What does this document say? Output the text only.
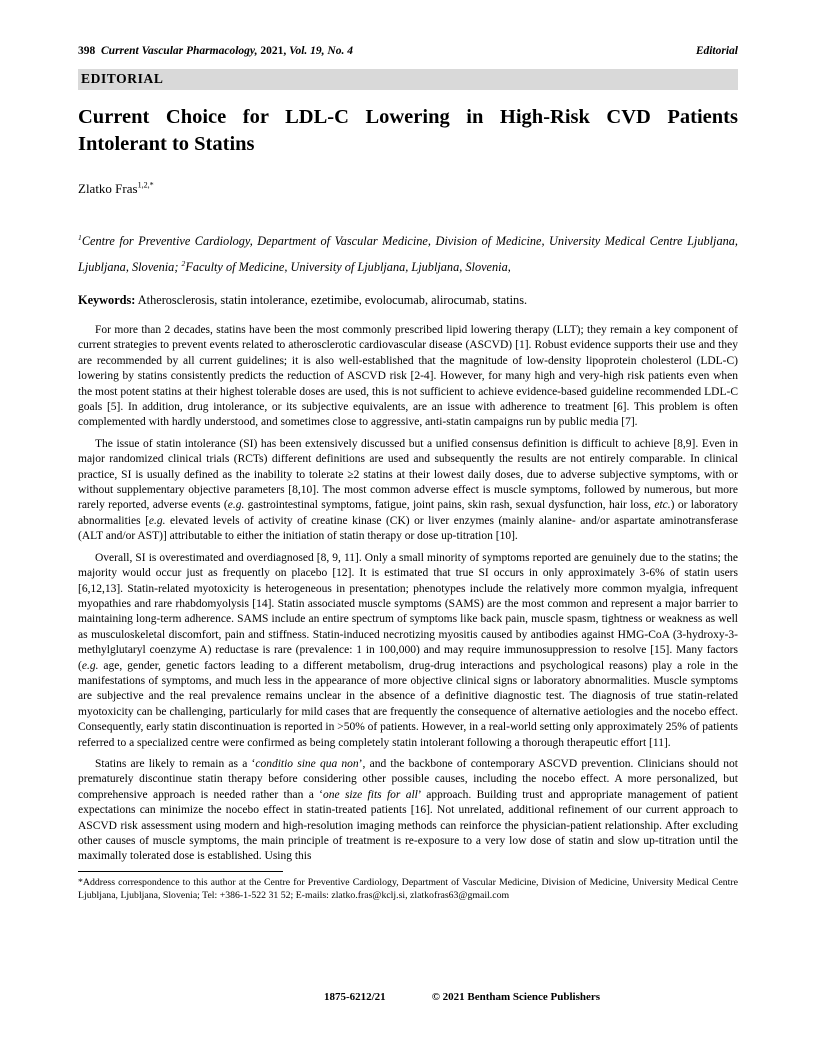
398 Current Vascular Pharmacology, 2021, Vol. 19, No. 4	Editorial
EDITORIAL
Current Choice for LDL-C Lowering in High-Risk CVD Patients Intolerant to Statins

Zlatko Fras$^{1,2,*}$

$^1$Centre for Preventive Cardiology, Department of Vascular Medicine, Division of Medicine, University Medical Centre Ljubljana, Ljubljana, Slovenia; $^2$Faculty of Medicine, University of Ljubljana, Ljubljana, Slovenia,

Keywords: Atherosclerosis, statin intolerance, ezetimibe, evolocumab, alirocumab, statins.

For more than 2 decades, statins have been the most commonly prescribed lipid lowering therapy (LLT); they remain a key component of current strategies to prevent events related to atherosclerotic cardiovascular disease (ASCVD) [1]. Robust evidence supports their use and they are recommended by all current guidelines; it is also well-established that the magnitude of low-density lipoprotein cholesterol (LDL-C) lowering by statins consistently predicts the reduction of ASCVD risk [2-4]. However, for many high and very-high risk patients even when the most potent statins at their highest tolerable doses are used, this is not sufficient to achieve evidence-based guideline recommended LDL-C goals [5]. In addition, drug intolerance, or its subjective equivalents, are an issue with adherence to treatment [6]. This problem is often complemented with hardly understood, and sometimes close to aggressive, anti-statin campaigns run by public media [7].

The issue of statin intolerance (SI) has been extensively discussed but a unified consensus definition is difficult to achieve [8,9]. Even in major randomized clinical trials (RCTs) different definitions are used and subsequently the results are not entirely comparable. In clinical practice, SI is usually defined as the inability to tolerate ≥2 statins at their lowest daily doses, due to adverse subjective symptoms, with or without supplementary objective parameters [8,10]. The most common adverse effect is muscle symptoms, followed by numerous, but more rarely reported, adverse events (e.g. gastrointestinal symptoms, fatigue, joint pains, skin rash, sexual dysfunction, hair loss, etc.) or laboratory abnormalities [e.g. elevated levels of activity of creatine kinase (CK) or liver enzymes (mainly alanine- and/or aspartate aminotransferase (ALT and/or AST)] attributable to either the initiation of statin therapy or dose up-titration [10].

Overall, SI is overestimated and overdiagnosed [8, 9, 11]. Only a small minority of symptoms reported are genuinely due to the statins; the majority would occur just as frequently on placebo [12]. It is estimated that true SI occurs in only approximately 3-6% of statin users [6,12,13]. Statin-related myotoxicity is heterogeneous in presentation; phenotypes include the relatively more common myalgia, infrequent myopathies and rare rhabdomyolysis [14]. Statin associated muscle symptoms (SAMS) are the most common and represent a major barrier to maintaining long-term adherence. SAMS include an entire spectrum of symptoms like back pain, muscle spasm, tightness or weakness as well as musculoskeletal discomfort, pain and stiffness. Statin-induced necrotizing myositis caused by antibodies against HMG-CoA (3-hydroxy-3-methylglutaryl coenzyme A) reductase is rare (prevalence: 1 in 100,000) and may require immunosuppression to resolve [15]. Many factors (e.g. age, gender, genetic factors leading to a different metabolism, drug-drug interactions and psychological reasons) play a role in the manifestations of symptoms, and much less in the appearance of more objective clinical signs or laboratory abnormalities. Muscle symptoms are subjective and the real prevalence remains unclear in the absence of a definitive diagnostic test. The diagnosis of true statin-related myotoxicity can be challenging, particularly for mild cases that are frequently the consequence of alternative aetiologies and the nocebo effect. Consequently, early statin discontinuation is reported in >50% of patients. However, in a real-world setting only approximately 25% of patients referred to a specialized centre were confirmed as being completely statin intolerant following a thorough therapeutic effort [11].

Statins are likely to remain as a ‘conditio sine qua non’, and the backbone of contemporary ASCVD prevention. Clinicians should not prematurely discontinue statin therapy before considering other possible causes, including the nocebo effect. A more personalized, but comprehensive approach is needed rather than a ‘one size fits for all’ approach. Building trust and appropriate management of patient expectations can minimize the nocebo effect in statin-treated patients [16]. Not unrelated, additional refinement of our current approach to ASCVD risk assessment using modern and high-resolution imaging methods can reinforce the physician-patient relationship. After excluding other causes of muscle symptoms, the main principle of treatment is re-exposure to a very low dose of statin and slow up-titration until the maximally tolerated dose is established. Using this

*Address correspondence to this author at the Centre for Preventive Cardiology, Department of Vascular Medicine, Division of Medicine, University Medical Centre Ljubljana, Ljubljana, Slovenia; Tel: +386-1-522 31 52; E-mails: zlatko.fras@kclj.si, zlatkofras63@gmail.com

1875-6212/21	© 2021 Bentham Science Publishers
